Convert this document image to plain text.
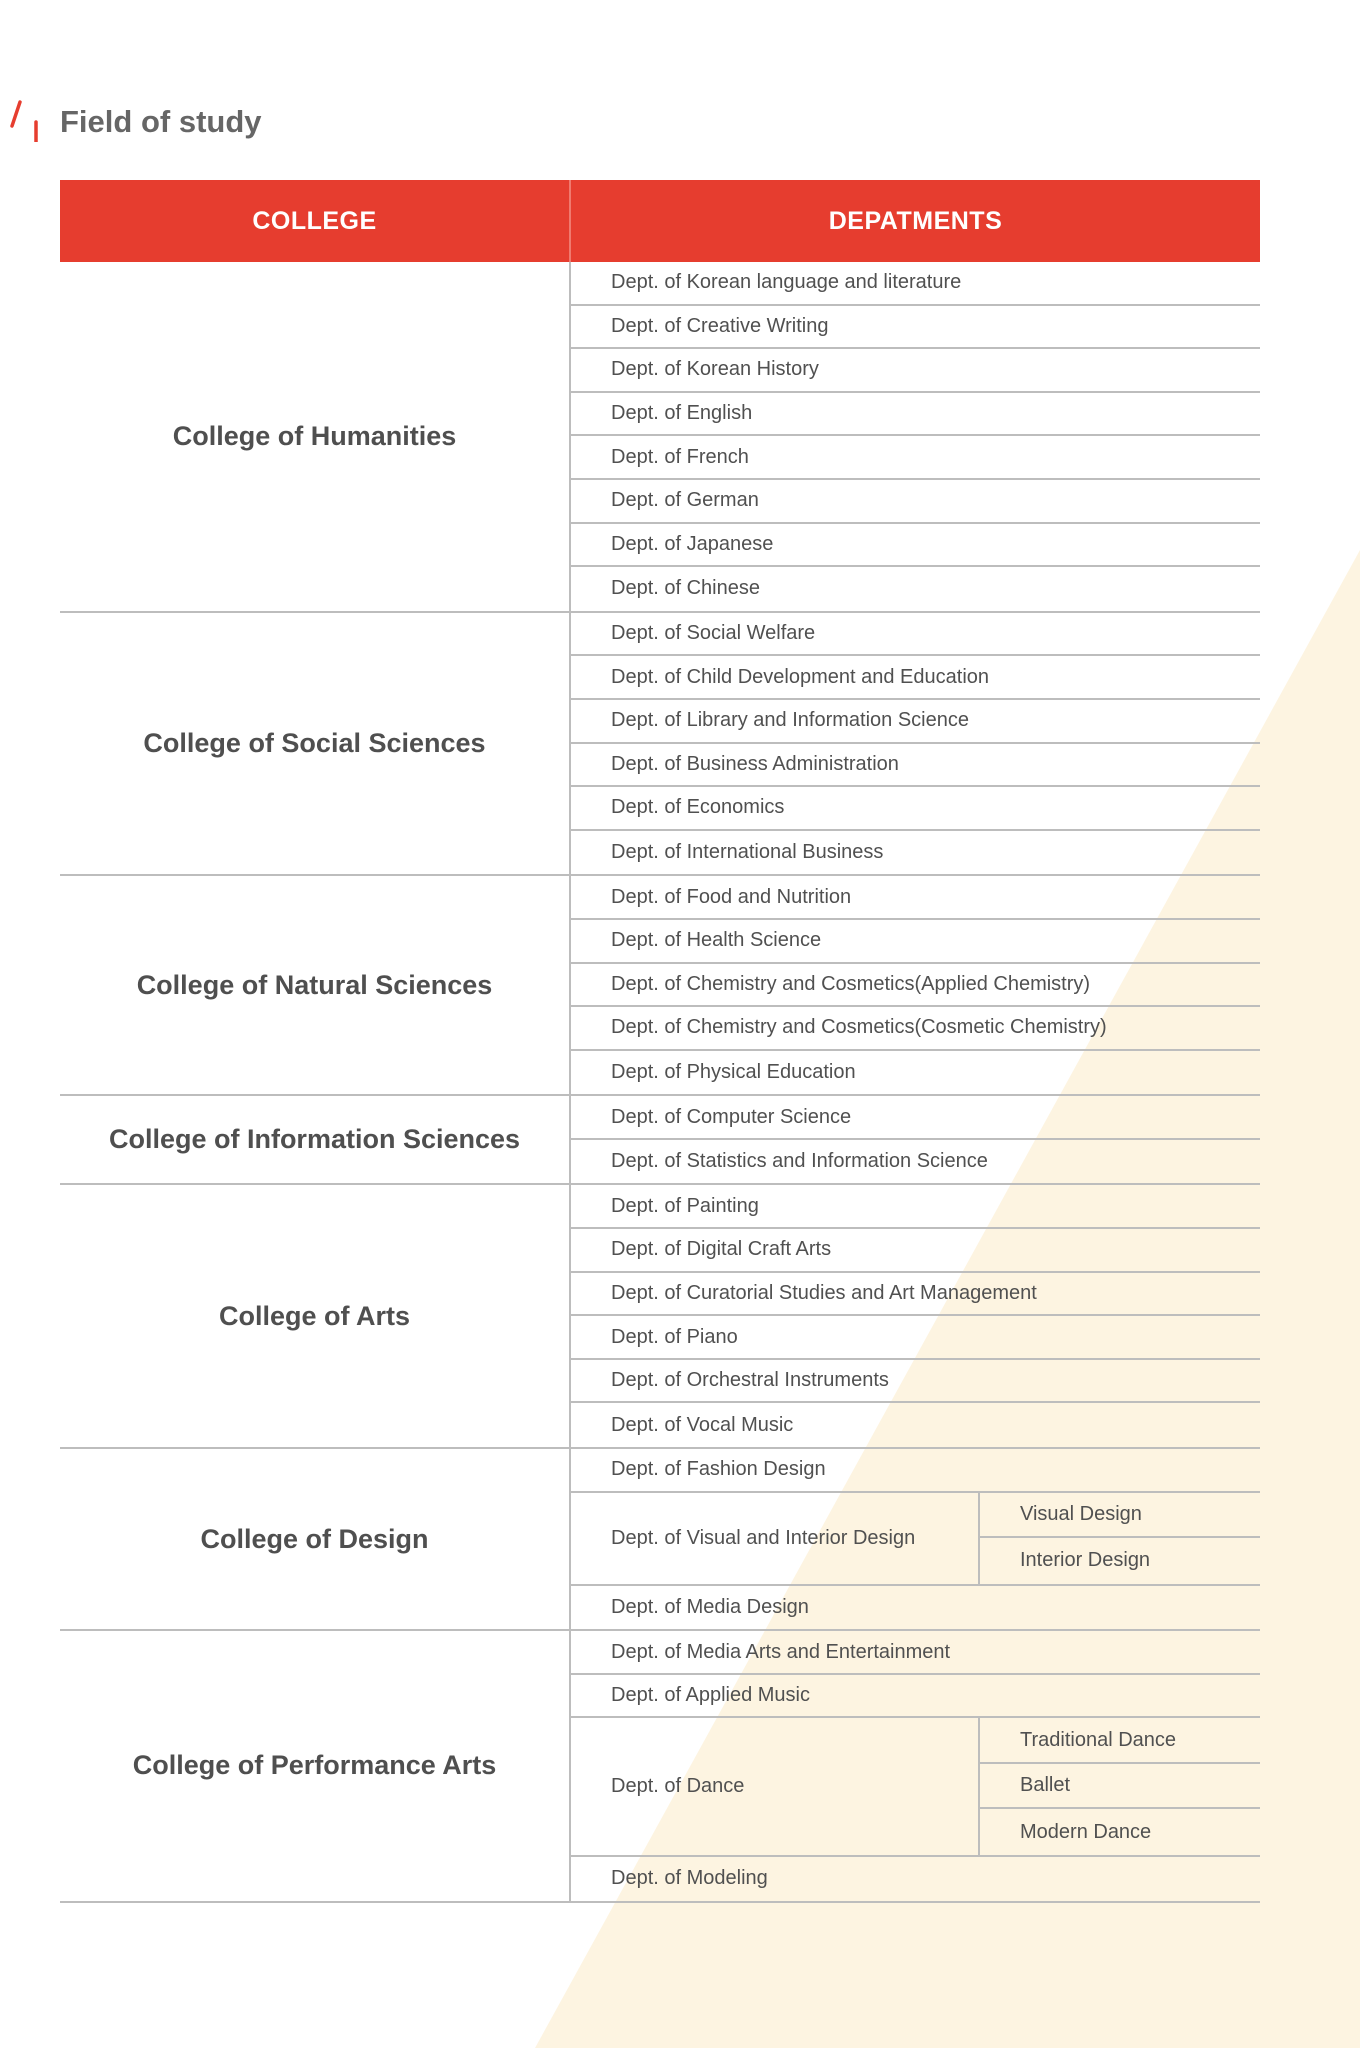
Field of study
COLLEGE	DEPATMENTS
College of Humanities
Dept. of Korean language and literature
Dept. of Creative Writing
Dept. of Korean History
Dept. of English
Dept. of French
Dept. of German
Dept. of Japanese
Dept. of Chinese
College of Social Sciences
Dept. of Social Welfare
Dept. of Child Development and Education
Dept. of Library and Information Science
Dept. of Business Administration
Dept. of Economics
Dept. of International Business
College of Natural Sciences
Dept. of Food and Nutrition
Dept. of Health Science
Dept. of Chemistry and Cosmetics(Applied Chemistry)
Dept. of Chemistry and Cosmetics(Cosmetic Chemistry)
Dept. of Physical Education
College of Information Sciences
Dept. of Computer Science
Dept. of Statistics and Information Science
College of Arts
Dept. of Painting
Dept. of Digital Craft Arts
Dept. of Curatorial Studies and Art Management
Dept. of Piano
Dept. of Orchestral Instruments
Dept. of Vocal Music
College of Design
Dept. of Fashion Design
Dept. of Visual and Interior Design
Visual Design
Interior Design
Dept. of Media Design
College of Performance Arts
Dept. of Media Arts and Entertainment
Dept. of Applied Music
Dept. of Dance
Traditional Dance
Ballet
Modern Dance
Dept. of Modeling
